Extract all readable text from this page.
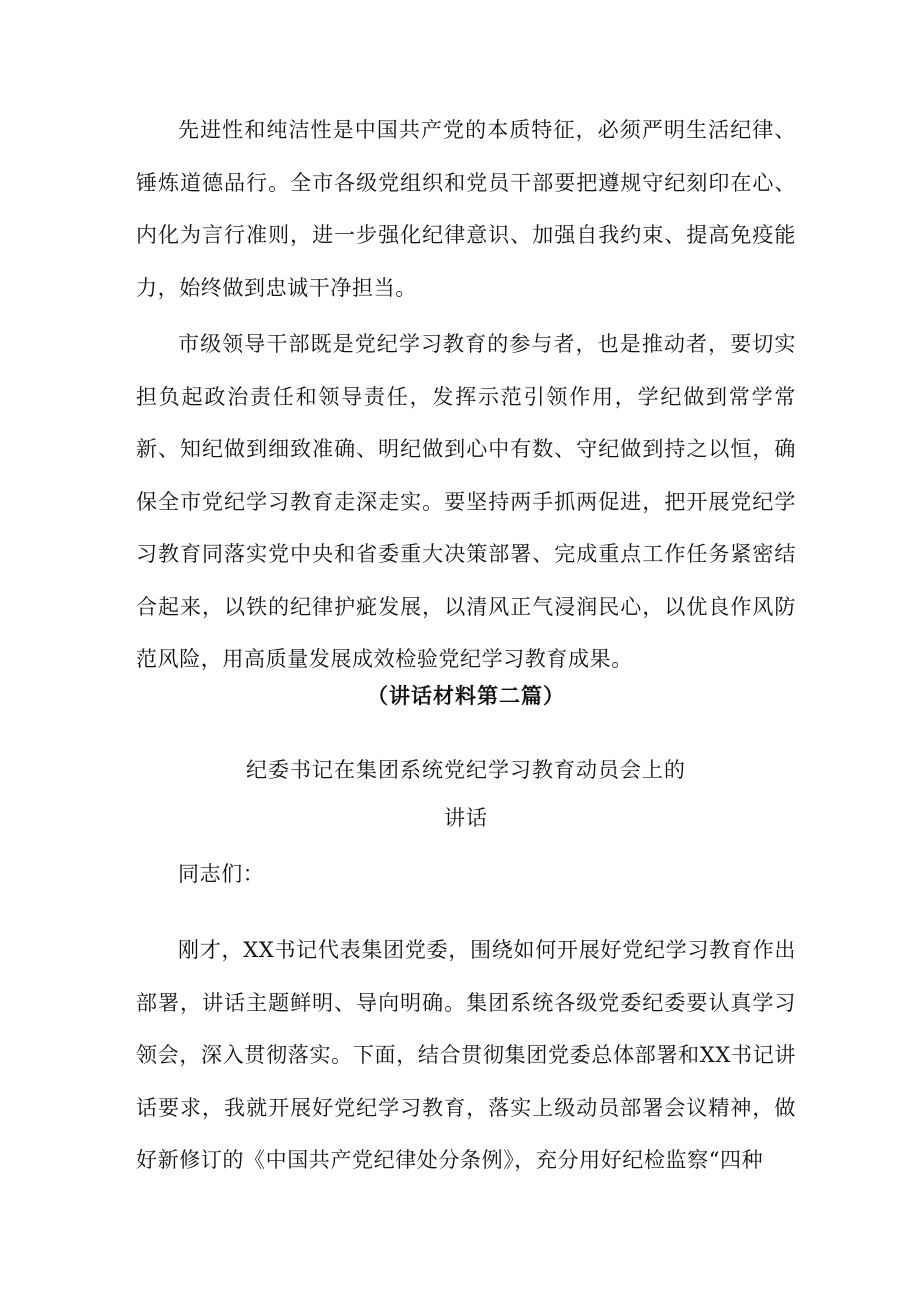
先进性和纯洁性是中国共产党的本质特征，必须严明生活纪律、锤炼道德品行。全市各级党组织和党员干部要把遵规守纪刻印在心、内化为言行准则，进一步强化纪律意识、加强自我约束、提高免疫能力，始终做到忠诚干净担当。

市级领导干部既是党纪学习教育的参与者，也是推动者，要切实担负起政治责任和领导责任，发挥示范引领作用，学纪做到常学常新、知纪做到细致准确、明纪做到心中有数、守纪做到持之以恒，确保全市党纪学习教育走深走实。要坚持两手抓两促进，把开展党纪学习教育同落实党中央和省委重大决策部署、完成重点工作任务紧密结合起来，以铁的纪律护疵发展，以清风正气浸润民心，以优良作风防范风险，用高质量发展成效检验党纪学习教育成果。

（讲话材料第二篇）

纪委书记在集团系统党纪学习教育动员会上的
讲话

同志们：

刚才，XX书记代表集团党委，围绕如何开展好党纪学习教育作出部署，讲话主题鲜明、导向明确。集团系统各级党委纪委要认真学习领会，深入贯彻落实。下面，结合贯彻集团党委总体部署和XX书记讲话要求，我就开展好党纪学习教育，落实上级动员部署会议精神，做好新修订的《中国共产党纪律处分条例》，充分用好纪检监察“四种
